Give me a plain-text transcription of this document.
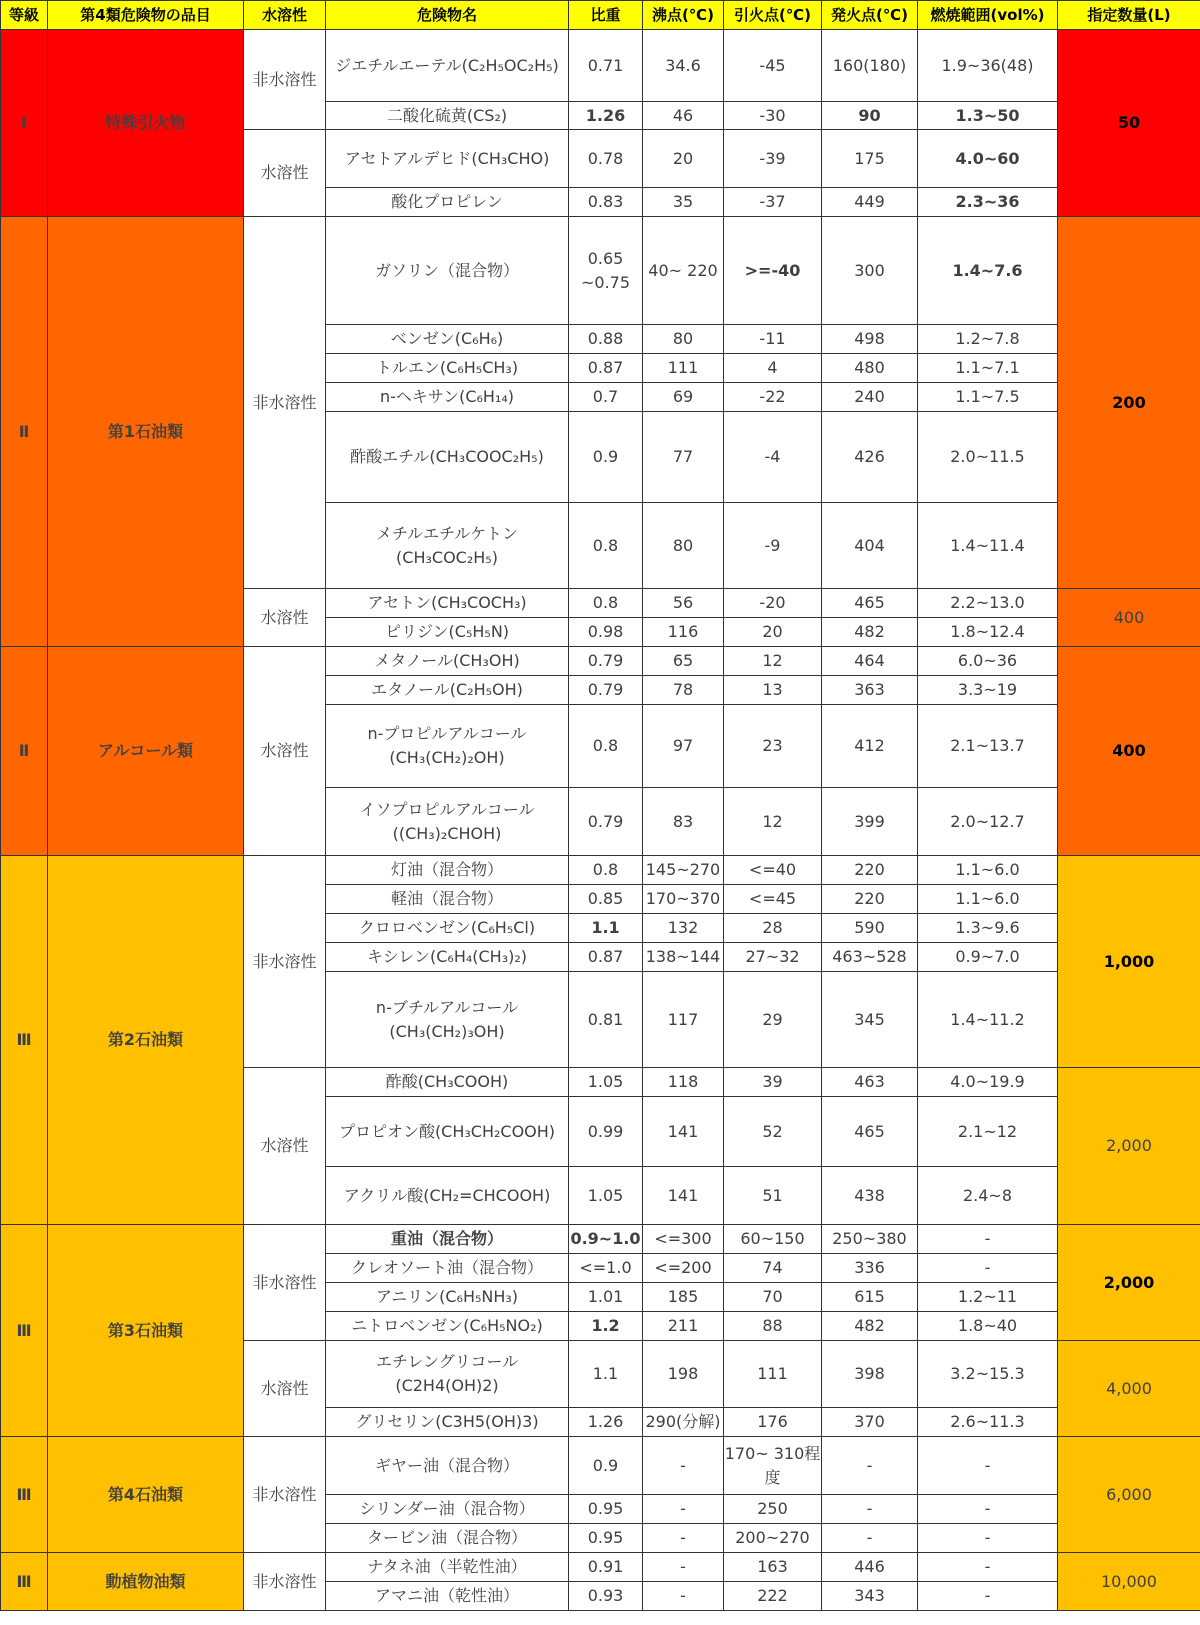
等級	第4類危険物の品目	水溶性	危険物名	比重	沸点(℃)	引火点(℃)	発火点(℃)	燃焼範囲(vol%)	指定数量(L)
Ⅰ	特殊引火物	非水溶性	ジエチルエーテル(C₂H₅OC₂H₅)	0.71	34.6	-45	160(180)	1.9~36(48)	50
			二酸化硫黄(CS₂)	1.26	46	-30	90	1.3~50	
		水溶性	アセトアルデヒド(CH₃CHO)	0.78	20	-39	175	4.0~60	
			酸化プロピレン	0.83	35	-37	449	2.3~36	
Ⅱ	第1石油類	非水溶性	ガソリン（混合物）	0.65 ~0.75	40~ 220	>=-40	300	1.4~7.6	200
			ベンゼン(C₆H₆)	0.88	80	-11	498	1.2~7.8	
			トルエン(C₆H₅CH₃)	0.87	111	4	480	1.1~7.1	
			n-ヘキサン(C₆H₁₄)	0.7	69	-22	240	1.1~7.5	
			酢酸エチル(CH₃COOC₂H₅)	0.9	77	-4	426	2.0~11.5	
			メチルエチルケトン(CH₃COC₂H₅)	0.8	80	-9	404	1.4~11.4	
		水溶性	アセトン(CH₃COCH₃)	0.8	56	-20	465	2.2~13.0	400
			ピリジン(C₅H₅N)	0.98	116	20	482	1.8~12.4	
Ⅱ	アルコール類	水溶性	メタノール(CH₃OH)	0.79	65	12	464	6.0~36	400
			エタノール(C₂H₅OH)	0.79	78	13	363	3.3~19	
			n-プロピルアルコール(CH₃(CH₂)₂OH)	0.8	97	23	412	2.1~13.7	
			イソプロピルアルコール((CH₃)₂CHOH)	0.79	83	12	399	2.0~12.7	
Ⅲ	第2石油類	非水溶性	灯油（混合物）	0.8	145~270	<=40	220	1.1~6.0	1,000
			軽油（混合物）	0.85	170~370	<=45	220	1.1~6.0	
			クロロベンゼン(C₆H₅Cl)	1.1	132	28	590	1.3~9.6	
			キシレン(C₆H₄(CH₃)₂)	0.87	138~144	27~32	463~528	0.9~7.0	
			n-ブチルアルコール(CH₃(CH₂)₃OH)	0.81	117	29	345	1.4~11.2	
		水溶性	酢酸(CH₃COOH)	1.05	118	39	463	4.0~19.9	2,000
			プロピオン酸(CH₃CH₂COOH)	0.99	141	52	465	2.1~12	
			アクリル酸(CH₂=CHCOOH)	1.05	141	51	438	2.4~8	
Ⅲ	第3石油類	非水溶性	重油（混合物）	0.9~1.0	<=300	60~150	250~380	-	2,000
			クレオソート油（混合物）	<=1.0	<=200	74	336	-	
			アニリン(C₆H₅NH₃)	1.01	185	70	615	1.2~11	
			ニトロベンゼン(C₆H₅NO₂)	1.2	211	88	482	1.8~40	
		水溶性	エチレングリコール(C2H4(OH)2)	1.1	198	111	398	3.2~15.3	4,000
			グリセリン(C3H5(OH)3)	1.26	290(分解)	176	370	2.6~11.3	
Ⅲ	第4石油類	非水溶性	ギヤー油（混合物）	0.9	-	170~ 310程度	-	-	6,000
			シリンダー油（混合物）	0.95	-	250	-	-	
			タービン油（混合物）	0.95	-	200~270	-	-	
Ⅲ	動植物油類	非水溶性	ナタネ油（半乾性油）	0.91	-	163	446	-	10,000
			アマニ油（乾性油）	0.93	-	222	343	-	
